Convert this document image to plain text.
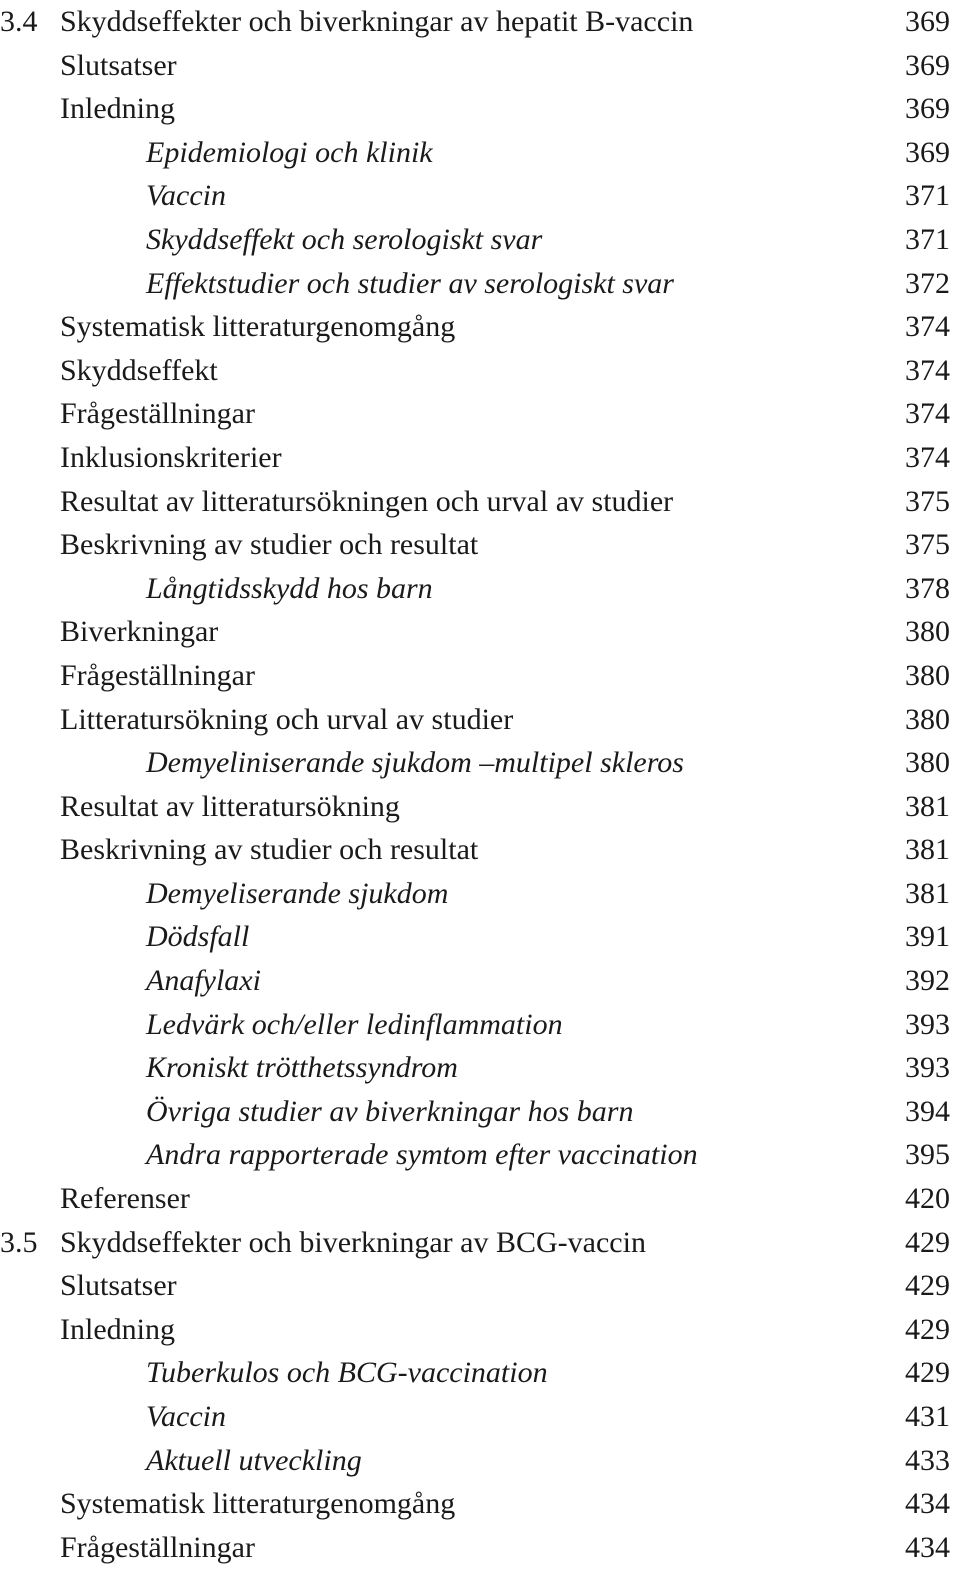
3.4 Skyddseffekter och biverkningar av hepatit B-vaccin	369
Slutsatser	369
Inledning	369
Epidemiologi och klinik	369
Vaccin	371
Skyddseffekt och serologiskt svar	371
Effektstudier och studier av serologiskt svar	372
Systematisk litteraturgenomgång	374
Skyddseffekt	374
Frågeställningar	374
Inklusionskriterier	374
Resultat av litteratursökningen och urval av studier	375
Beskrivning av studier och resultat	375
Långtidsskydd hos barn	378
Biverkningar	380
Frågeställningar	380
Litteratursökning och urval av studier	380
Demyeliniserande sjukdom –multipel skleros	380
Resultat av litteratursökning	381
Beskrivning av studier och resultat	381
Demyeliserande sjukdom	381
Dödsfall	391
Anafylaxi	392
Ledvärk och/eller ledinflammation	393
Kroniskt trötthetssyndrom	393
Övriga studier av biverkningar hos barn	394
Andra rapporterade symtom efter vaccination	395
Referenser	420
3.5 Skyddseffekter och biverkningar av BCG-vaccin	429
Slutsatser	429
Inledning	429
Tuberkulos och BCG-vaccination	429
Vaccin	431
Aktuell utveckling	433
Systematisk litteraturgenomgång	434
Frågeställningar	434
